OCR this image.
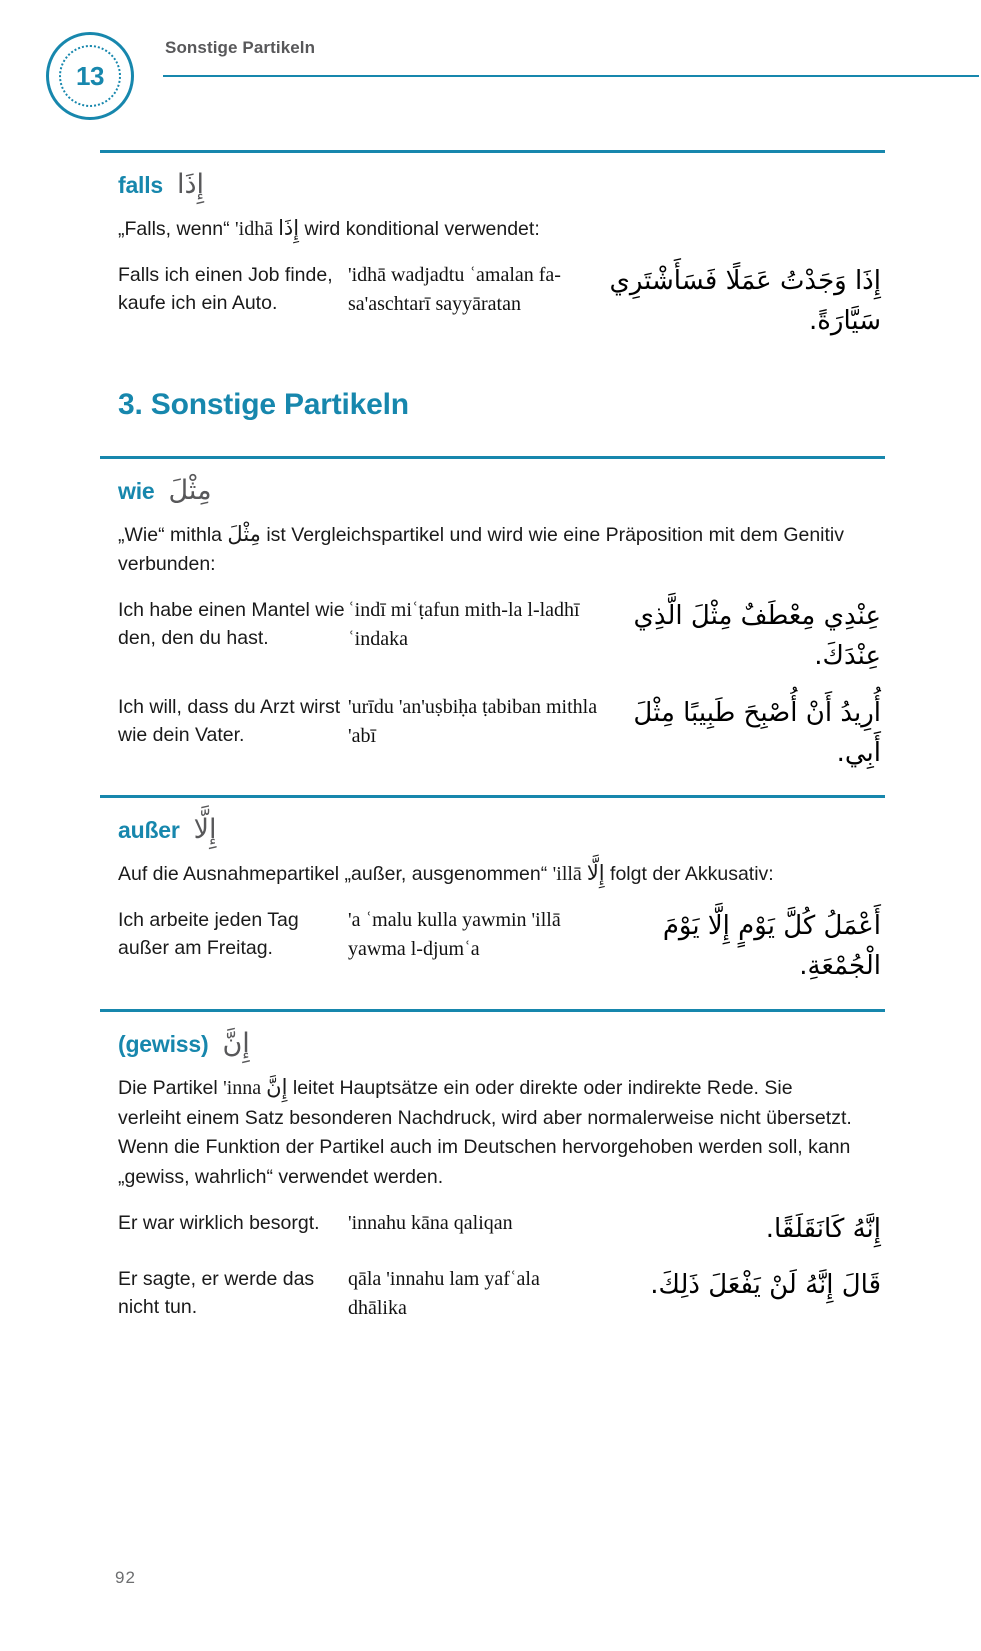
13
Sonstige Partikeln
falls إِذَا

„Falls, wenn“ 'idhā إِذَا wird konditional verwendet:

Falls ich einen Job finde, kaufe ich ein Auto.
'idhā wadjadtu ʿamalan fa-sa'aschtarī sayyāratan
إِذَا وَجَدْتُ عَمَلًا فَسَأَشْتَرِي سَيَّارَةً.
3. Sonstige Partikeln
wie مِثْلَ

„Wie“ mithla مِثْلَ ist Vergleichspartikel und wird wie eine Präposition mit dem Genitiv verbunden:

Ich habe einen Mantel wie den, den du hast.
ʿindī miʿṭafun mith-la l-ladhī ʿindaka
عِنْدِي مِعْطَفٌ مِثْلَ الَّذِي عِنْدَكَ.
Ich will, dass du Arzt wirst wie dein Vater.
'urīdu 'an'uṣbiḥa ṭabiban mithla 'abī
أُرِيدُ أَنْ أُصْبِحَ طَبِيبًا مِثْلَ أَبِي.
außer إِلَّا

Auf die Ausnahmepartikel „außer, ausgenommen“ 'illā إِلَّا folgt der Akkusativ:

Ich arbeite jeden Tag außer am Freitag.
'a ʿmalu kulla yawmin 'illā yawma l-djumʿa
أَعْمَلُ كُلَّ يَوْمٍ إِلَّا يَوْمَ الْجُمْعَةِ.
(gewiss) إِنَّ

Die Partikel 'inna إِنَّ leitet Hauptsätze ein oder direkte oder indirekte Rede. Sie verleiht einem Satz besonderen Nachdruck, wird aber normalerweise nicht übersetzt. Wenn die Funktion der Partikel auch im Deutschen hervorgehoben werden soll, kann „gewiss, wahrlich“ verwendet werden.

Er war wirklich besorgt.	'innahu kāna qaliqan	إِنَّهُ كَانَقَلَقًا.
Er sagte, er werde das nicht tun.
qāla 'innahu lam yafʿala dhālika
قَالَ إِنَّهُ لَنْ يَفْعَلَ ذَلِكَ.
92
